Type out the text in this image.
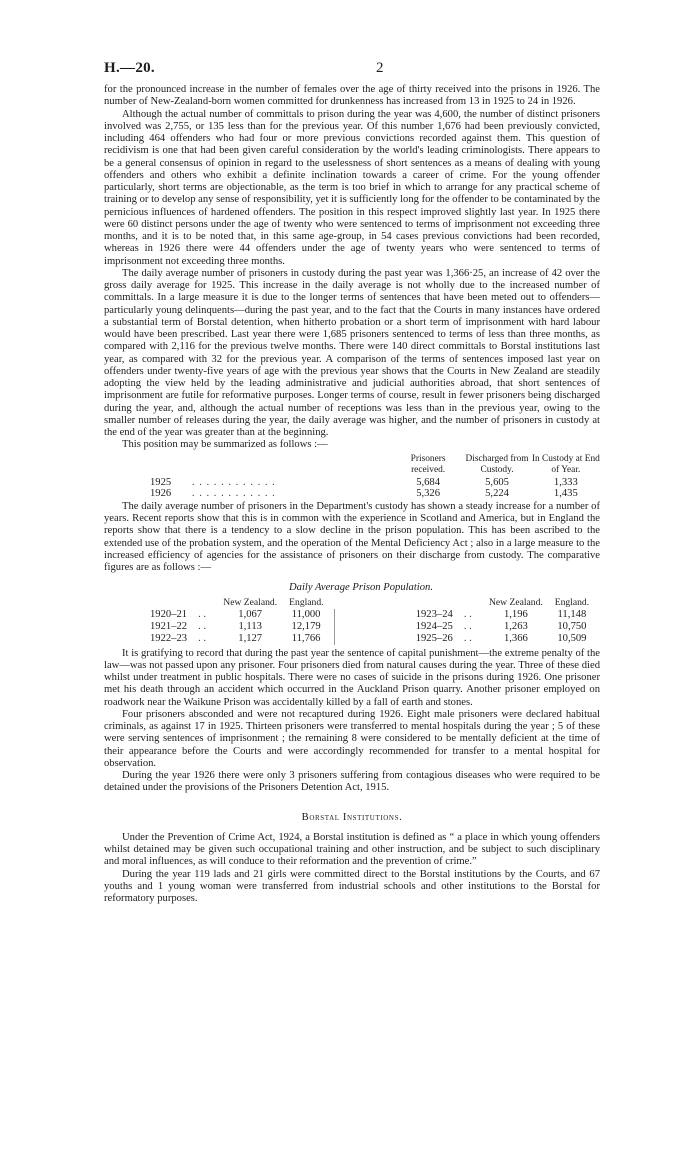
H.—20.	2

for the pronounced increase in the number of females over the age of thirty received into the prisons in 1926. The number of New-Zealand-born women committed for drunkenness has increased from 13 in 1925 to 24 in 1926.

Although the actual number of committals to prison during the year was 4,600, the number of distinct prisoners involved was 2,755, or 135 less than for the previous year. Of this number 1,676 had been previously convicted, including 464 offenders who had four or more previous convictions recorded against them. This question of recidivism is one that had been given careful consideration by the world's leading criminologists. There appears to be a general consensus of opinion in regard to the uselessness of short sentences as a means of dealing with young offenders and others who exhibit a definite inclination towards a career of crime. For the young offender particularly, short terms are objectionable, as the term is too brief in which to arrange for any practical scheme of training or to develop any sense of responsibility, yet it is sufficiently long for the offender to be contaminated by the pernicious influences of hardened offenders. The position in this respect improved slightly last year. In 1925 there were 60 distinct persons under the age of twenty who were sentenced to terms of imprisonment not exceeding three months, and it is to be noted that, in this same age-group, in 54 cases previous convictions had been recorded, whereas in 1926 there were 44 offenders under the age of twenty years who were sentenced to terms of imprisonment not exceeding three months.

The daily average number of prisoners in custody during the past year was 1,366·25, an increase of 42 over the gross daily average for 1925. This increase in the daily average is not wholly due to the increased number of committals. In a large measure it is due to the longer terms of sentences that have been meted out to offenders—particularly young delinquents—during the past year, and to the fact that the Courts in many instances have ordered a substantial term of Borstal detention, when hitherto probation or a short term of imprisonment with hard labour would have been prescribed. Last year there were 1,685 prisoners sentenced to terms of less than three months, as compared with 2,116 for the previous twelve months. There were 140 direct committals to Borstal institutions last year, as compared with 32 for the previous year. A comparison of the terms of sentences imposed last year on offenders under twenty-five years of age with the previous year shows that the Courts in New Zealand are steadily adopting the view held by the leading administrative and judicial authorities abroad, that short sentences of imprisonment are futile for reformative purposes. Longer terms of course, result in fewer prisoners being discharged during the year, and, although the actual number of receptions was less than in the previous year, owing to the smaller number of releases during the year, the daily average was higher, and the number of prisoners in custody at the end of the year was greater than at the beginning.

This position may be summarized as follows :—

		Prisoners received.	Discharged from Custody.	In Custody at End of Year.
1925	. . . . . . . . . . . .	5,684	5,605	1,333
1926	. . . . . . . . . . . .	5,326	5,224	1,435

The daily average number of prisoners in the Department's custody has shown a steady increase for a number of years. Recent reports show that this is in common with the experience in Scotland and America, but in England the reports show that there is a tendency to a slow decline in the prison population. This has been ascribed to the extended use of the probation system, and the operation of the Mental Deficiency Act ; also in a large measure to the increased efficiency of agencies for the assistance of prisoners on their discharge from custody. The comparative figures are as follows :—

Daily Average Prison Population.
		New Zealand.	England.				New Zealand.	England.
1920–21	. .	1,067	11,000		1923–24	. .	1,196	11,148
1921–22	. .	1,113	12,179		1924–25	. .	1,263	10,750
1922–23	. .	1,127	11,766		1925–26	. .	1,366	10,509

It is gratifying to record that during the past year the sentence of capital punishment—the extreme penalty of the law—was not passed upon any prisoner. Four prisoners died from natural causes during the year. Three of these died whilst under treatment in public hospitals. There were no cases of suicide in the prisons during 1926. One prisoner met his death through an accident which occurred in the Auckland Prison quarry. Another prisoner employed on roadwork near the Waikune Prison was accidentally killed by a fall of earth and stones.

Four prisoners absconded and were not recaptured during 1926. Eight male prisoners were declared habitual criminals, as against 17 in 1925. Thirteen prisoners were transferred to mental hospitals during the year ; 5 of these were serving sentences of imprisonment ; the remaining 8 were considered to be mentally deficient at the time of their appearance before the Courts and were accordingly recommended for transfer to a mental hospital for observation.

During the year 1926 there were only 3 prisoners suffering from contagious diseases who were required to be detained under the provisions of the Prisoners Detention Act, 1915.

Borstal Institutions.

Under the Prevention of Crime Act, 1924, a Borstal institution is defined as “ a place in which young offenders whilst detained may be given such occupational training and other instruction, and be subject to such disciplinary and moral influences, as will conduce to their reformation and the prevention of crime.”

During the year 119 lads and 21 girls were committed direct to the Borstal institutions by the Courts, and 67 youths and 1 young woman were transferred from industrial schools and other institutions to the Borstal for reformatory purposes.
